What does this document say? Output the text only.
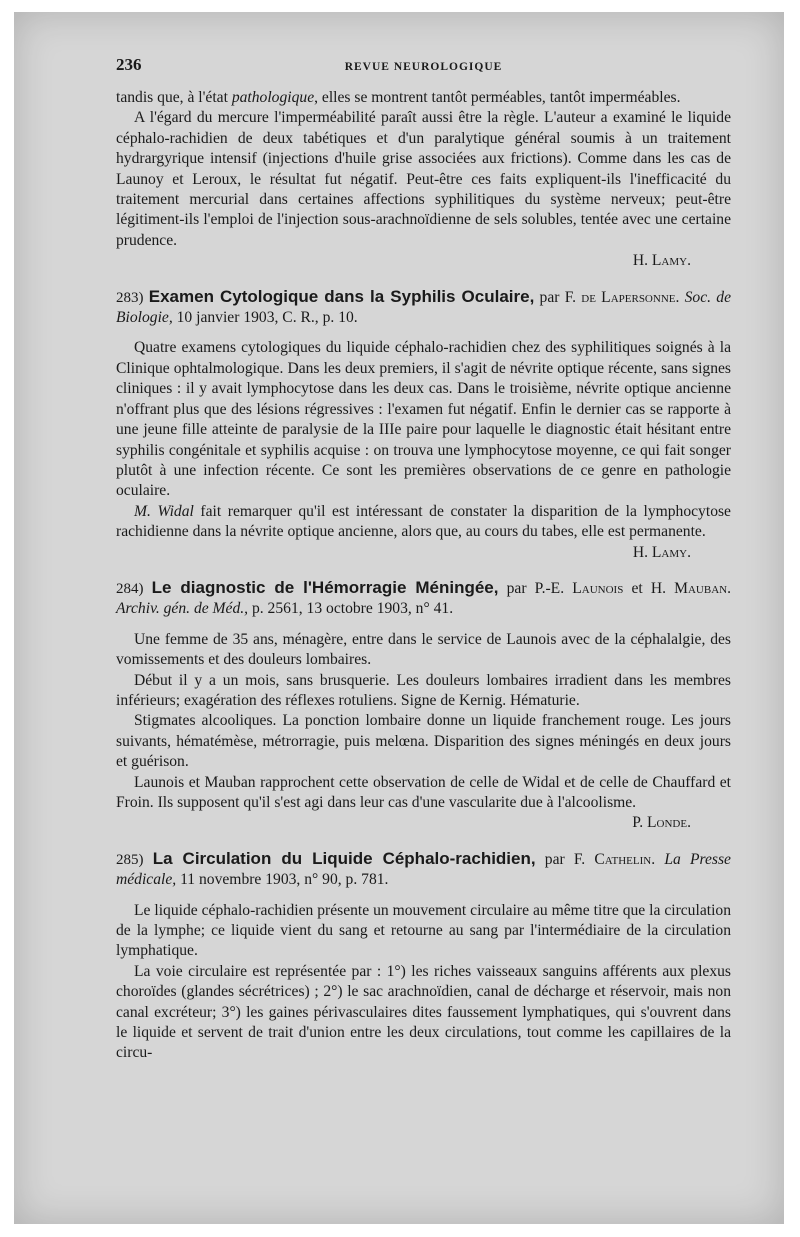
236	REVUE NEUROLOGIQUE

tandis que, à l'état pathologique, elles se montrent tantôt perméables, tantôt imperméables.

A l'égard du mercure l'imperméabilité paraît aussi être la règle. L'auteur a examiné le liquide céphalo-rachidien de deux tabétiques et d'un paralytique général soumis à un traitement hydrargyrique intensif (injections d'huile grise associées aux frictions). Comme dans les cas de Launoy et Leroux, le résultat fut négatif. Peut-être ces faits expliquent-ils l'inefficacité du traitement mercurial dans certaines affections syphilitiques du système nerveux; peut-être légitiment-ils l'emploi de l'injection sous-arachnoïdienne de sels solubles, tentée avec une certaine prudence.

H. Lamy.
283) Examen Cytologique dans la Syphilis Oculaire, par F. de Lapersonne. Soc. de Biologie, 10 janvier 1903, C. R., p. 10.

Quatre examens cytologiques du liquide céphalo-rachidien chez des syphilitiques soignés à la Clinique ophtalmologique. Dans les deux premiers, il s'agit de névrite optique récente, sans signes cliniques : il y avait lymphocytose dans les deux cas. Dans le troisième, névrite optique ancienne n'offrant plus que des lésions régressives : l'examen fut négatif. Enfin le dernier cas se rapporte à une jeune fille atteinte de paralysie de la IIIe paire pour laquelle le diagnostic était hésitant entre syphilis congénitale et syphilis acquise : on trouva une lymphocytose moyenne, ce qui fait songer plutôt à une infection récente. Ce sont les premières observations de ce genre en pathologie oculaire.

M. Widal fait remarquer qu'il est intéressant de constater la disparition de la lymphocytose rachidienne dans la névrite optique ancienne, alors que, au cours du tabes, elle est permanente.

H. Lamy.
284) Le diagnostic de l'Hémorragie Méningée, par P.-E. Launois et H. Mauban. Archiv. gén. de Méd., p. 2561, 13 octobre 1903, n° 41.

Une femme de 35 ans, ménagère, entre dans le service de Launois avec de la céphalalgie, des vomissements et des douleurs lombaires.

Début il y a un mois, sans brusquerie. Les douleurs lombaires irradient dans les membres inférieurs; exagération des réflexes rotuliens. Signe de Kernig. Hématurie.

Stigmates alcooliques. La ponction lombaire donne un liquide franchement rouge. Les jours suivants, hématémèse, métrorragie, puis melœna. Disparition des signes méningés en deux jours et guérison.

Launois et Mauban rapprochent cette observation de celle de Widal et de celle de Chauffard et Froin. Ils supposent qu'il s'est agi dans leur cas d'une vascularite due à l'alcoolisme.

P. Londe.
285) La Circulation du Liquide Céphalo-rachidien, par F. Cathelin. La Presse médicale, 11 novembre 1903, n° 90, p. 781.

Le liquide céphalo-rachidien présente un mouvement circulaire au même titre que la circulation de la lymphe; ce liquide vient du sang et retourne au sang par l'intermédiaire de la circulation lymphatique.

La voie circulaire est représentée par : 1°) les riches vaisseaux sanguins afférents aux plexus choroïdes (glandes sécrétrices) ; 2°) le sac arachnoïdien, canal de décharge et réservoir, mais non canal excréteur; 3°) les gaines périvasculaires dites faussement lymphatiques, qui s'ouvrent dans le liquide et servent de trait d'union entre les deux circulations, tout comme les capillaires de la circu-
